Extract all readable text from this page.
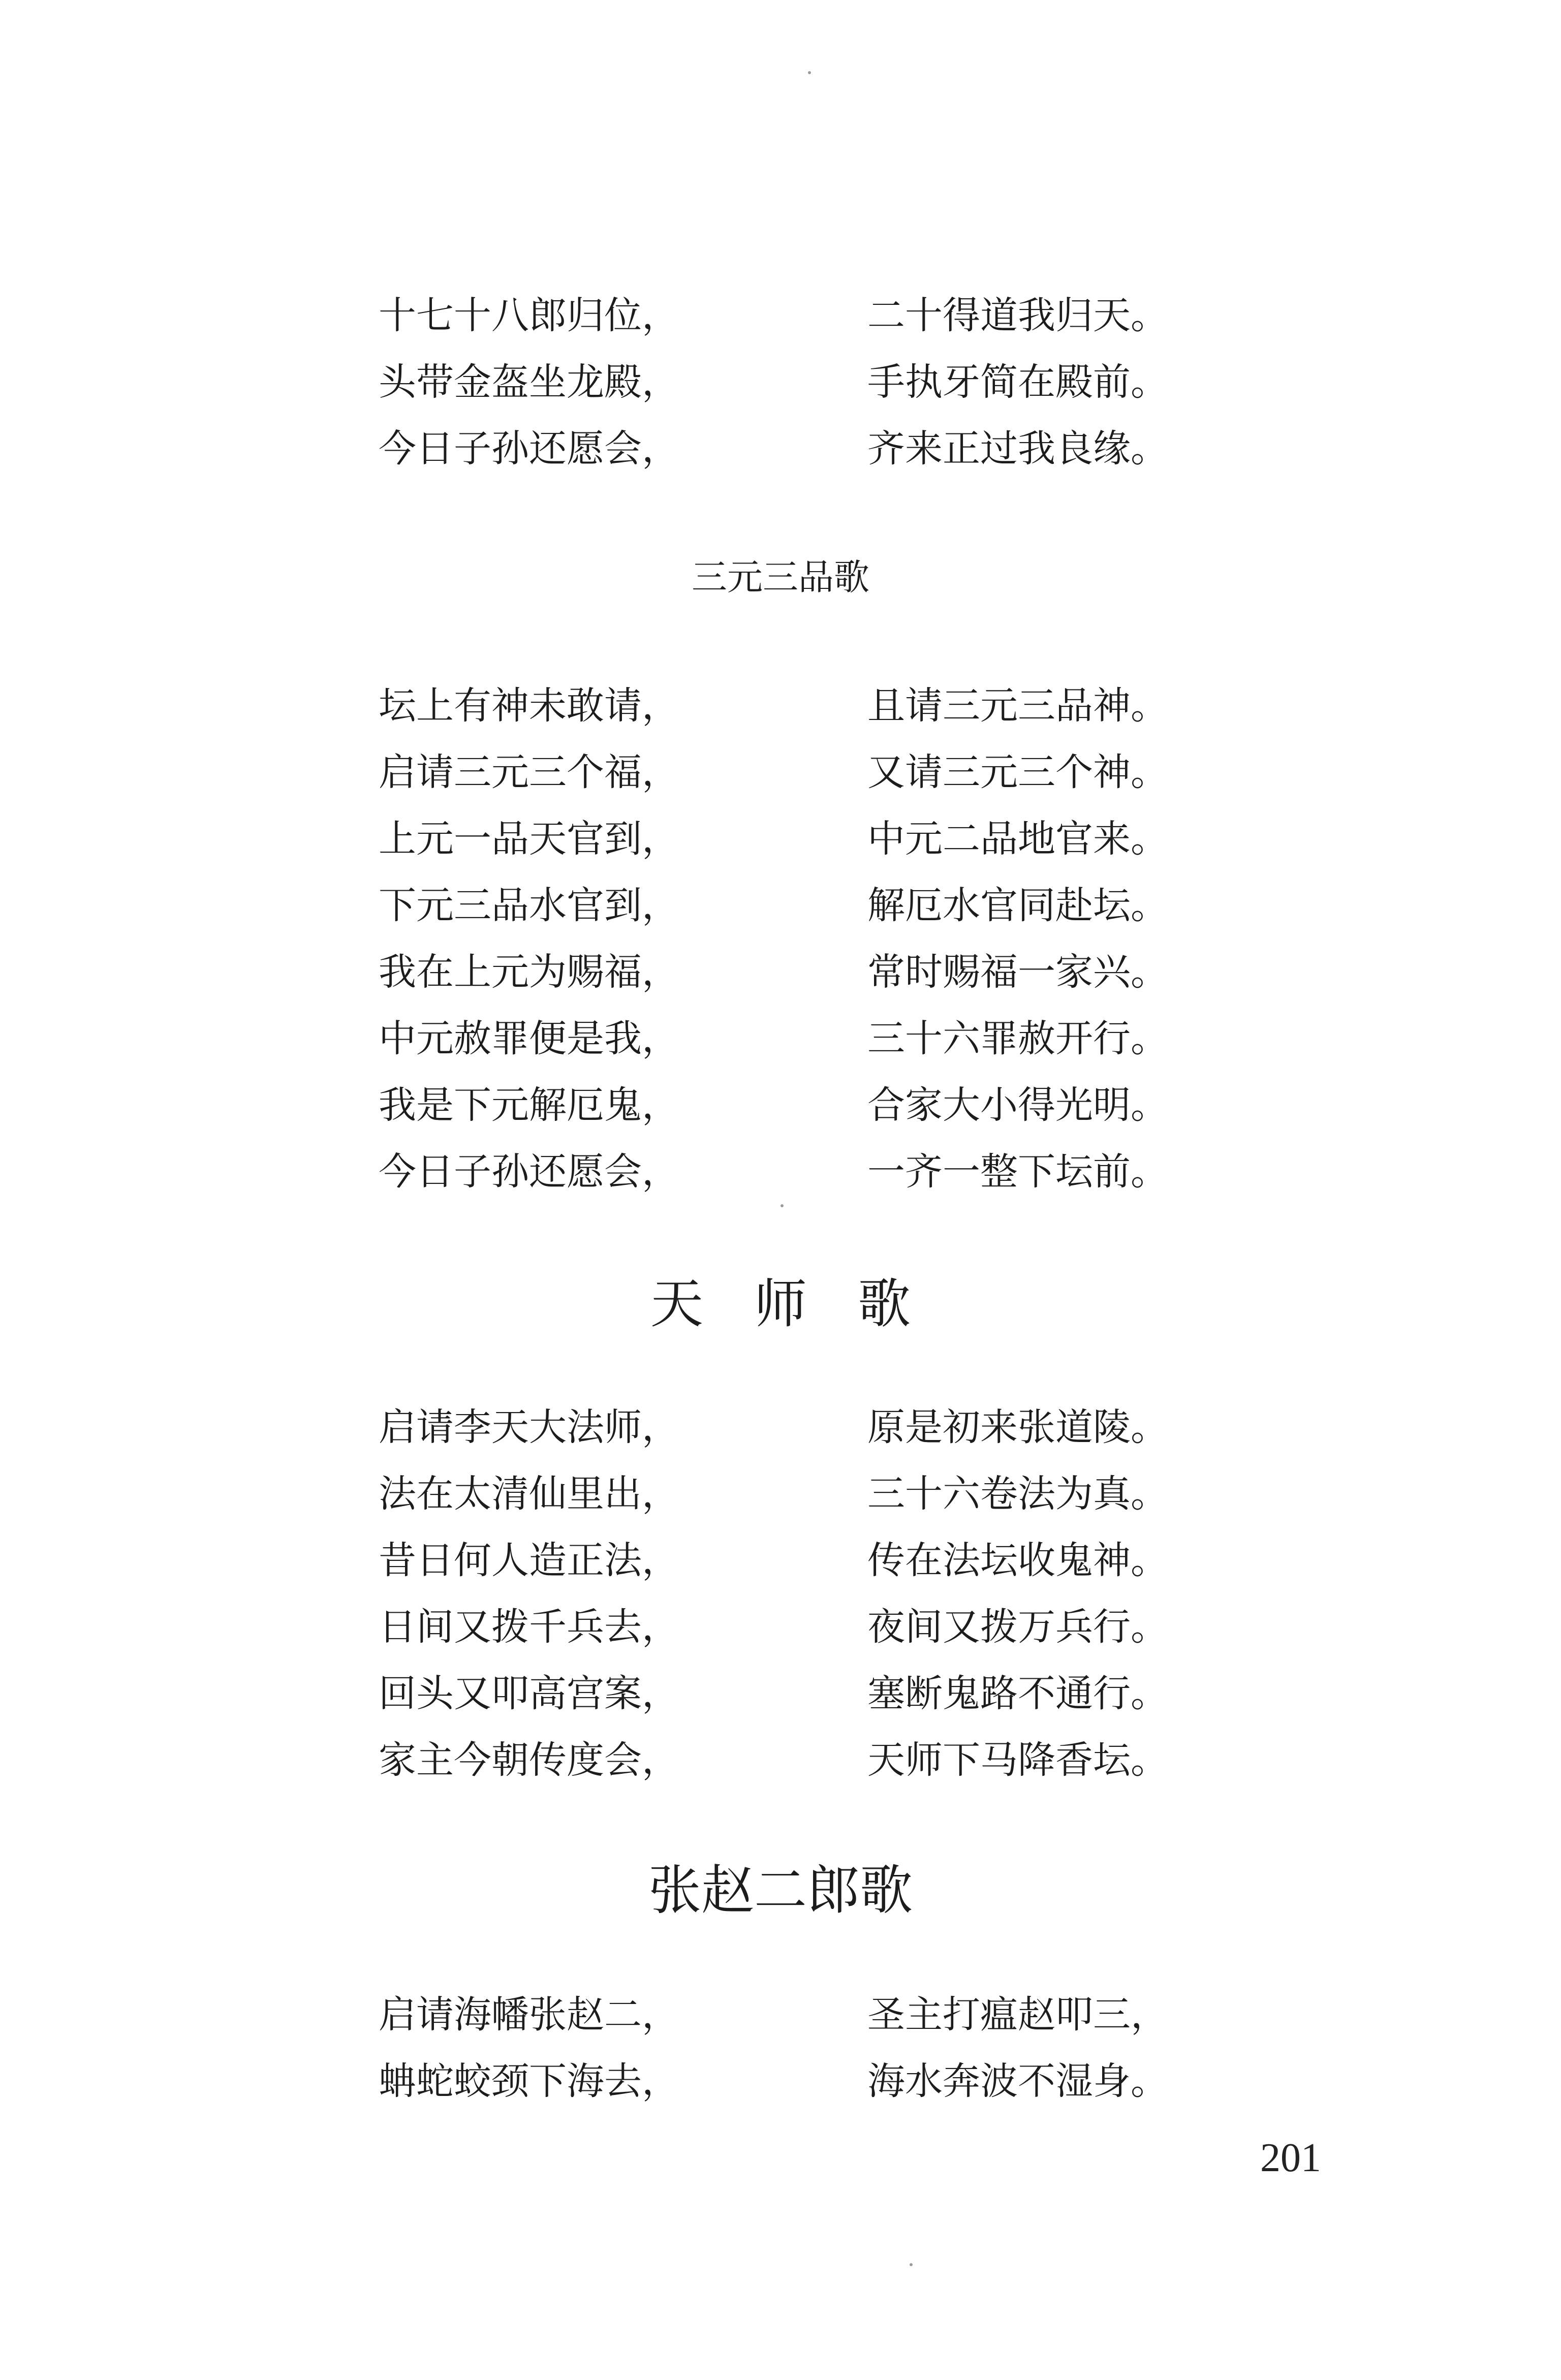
十七十八郎归位，	二十得道我归天。
头带金盔坐龙殿，	手执牙简在殿前。
今日子孙还愿会，	齐来正过我良缘。
三元三品歌
坛上有神未敢请，	且请三元三品神。
启请三元三个福，	又请三元三个神。
上元一品天官到，	中元二品地官来。
下元三品水官到，	解厄水官同赴坛。
我在上元为赐福，	常时赐福一家兴。
中元赦罪便是我，	三十六罪赦开行。
我是下元解厄鬼，	合家大小得光明。
今日子孙还愿会，	一齐一整下坛前。
天师歌
启请李天大法师，	原是初来张道陵。
法在太清仙里出，	三十六卷法为真。
昔日何人造正法，	传在法坛收鬼神。
日间又拨千兵去，	夜间又拨万兵行。
回头又叩高宫案，	塞断鬼路不通行。
家主今朝传度会，	天师下马降香坛。
张赵二郎歌
启请海幡张赵二，	圣主打瘟赵叩三，
蚺蛇蛟颈下海去，	海水奔波不湿身。
201
